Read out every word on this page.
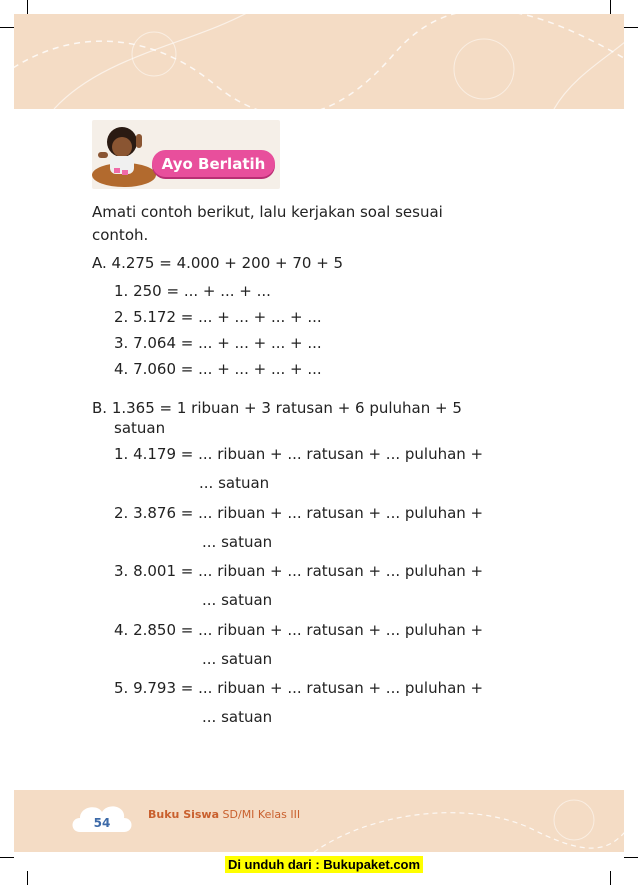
Ayo Berlatih
Amati contoh berikut, lalu kerjakan soal sesuai
contoh.
A. 4.275 = 4.000 + 200 + 70 + 5
1. 250 = ... + ... + ...
2. 5.172 = ... + ... + ... + ...
3. 7.064 = ... + ... + ... + ...
4. 7.060 = ... + ... + ... + ...
B. 1.365 = 1 ribuan + 3 ratusan + 6 puluhan + 5
satuan
1. 4.179 = ... ribuan + ... ratusan + ... puluhan +
... satuan
2. 3.876 = ... ribuan + ... ratusan + ... puluhan +
... satuan
3. 8.001 = ... ribuan + ... ratusan + ... puluhan +
... satuan
4. 2.850 = ... ribuan + ... ratusan + ... puluhan +
... satuan
5. 9.793 = ... ribuan + ... ratusan + ... puluhan +
... satuan
54
Buku Siswa SD/MI Kelas III
Di unduh dari : Bukupaket.com
